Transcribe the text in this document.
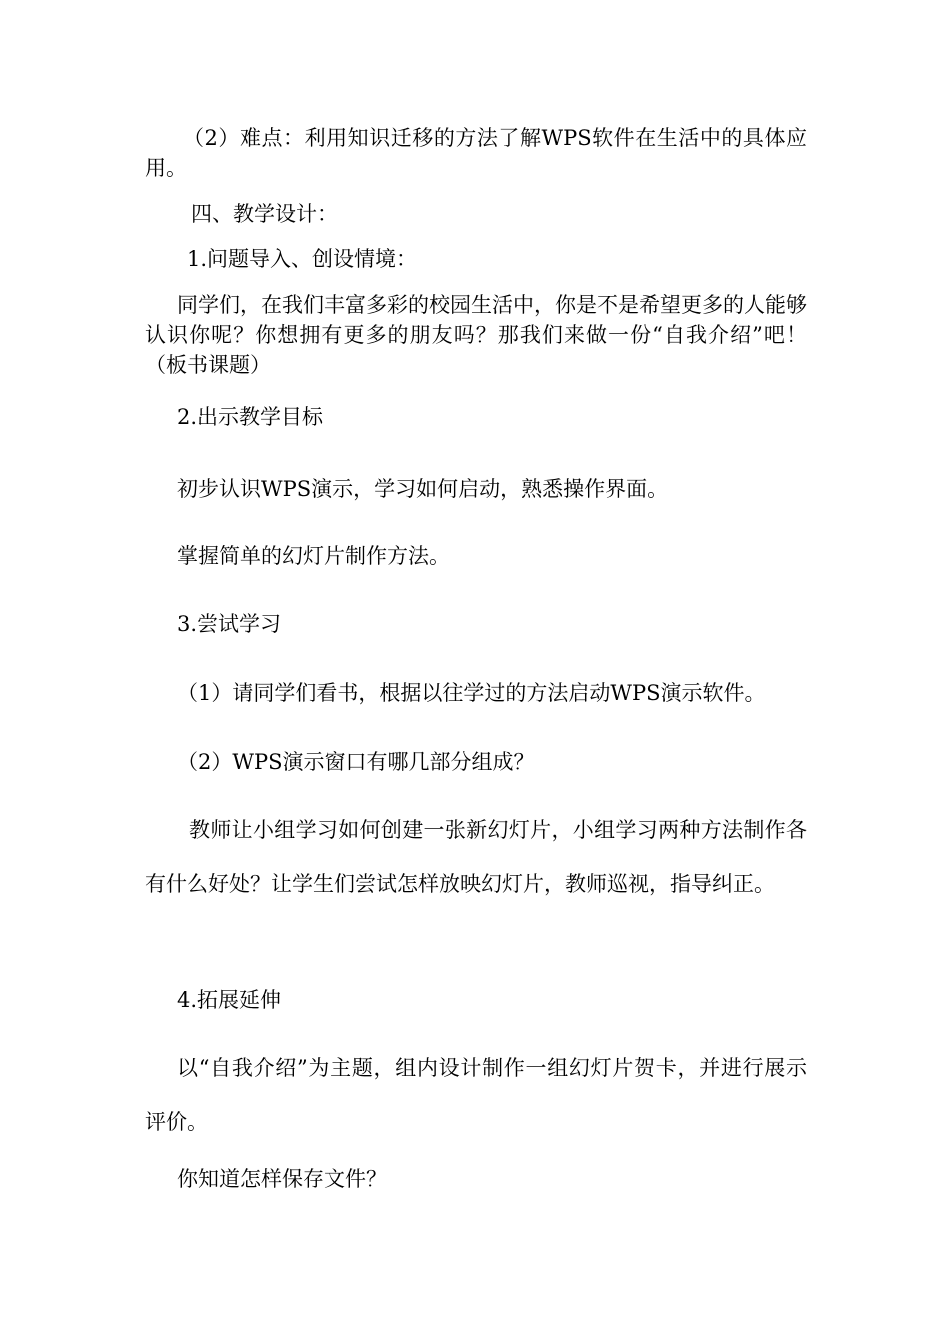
（2）难点：利用知识迁移的方法了解WPS软件在生活中的具体应用。

四、教学设计：

1.问题导入、创设情境：

同学们，在我们丰富多彩的校园生活中，你是不是希望更多的人能够认识你呢？你想拥有更多的朋友吗？那我们来做一份“自我介绍”吧！（板书课题）

2.出示教学目标

初步认识WPS演示，学习如何启动，熟悉操作界面。

掌握简单的幻灯片制作方法。

3.尝试学习

（1）请同学们看书，根据以往学过的方法启动WPS演示软件。

（2）WPS演示窗口有哪几部分组成？

教师让小组学习如何创建一张新幻灯片，小组学习两种方法制作各有什么好处？让学生们尝试怎样放映幻灯片，教师巡视，指导纠正。

4.拓展延伸

以“自我介绍”为主题，组内设计制作一组幻灯片贺卡，并进行展示评价。

你知道怎样保存文件？
